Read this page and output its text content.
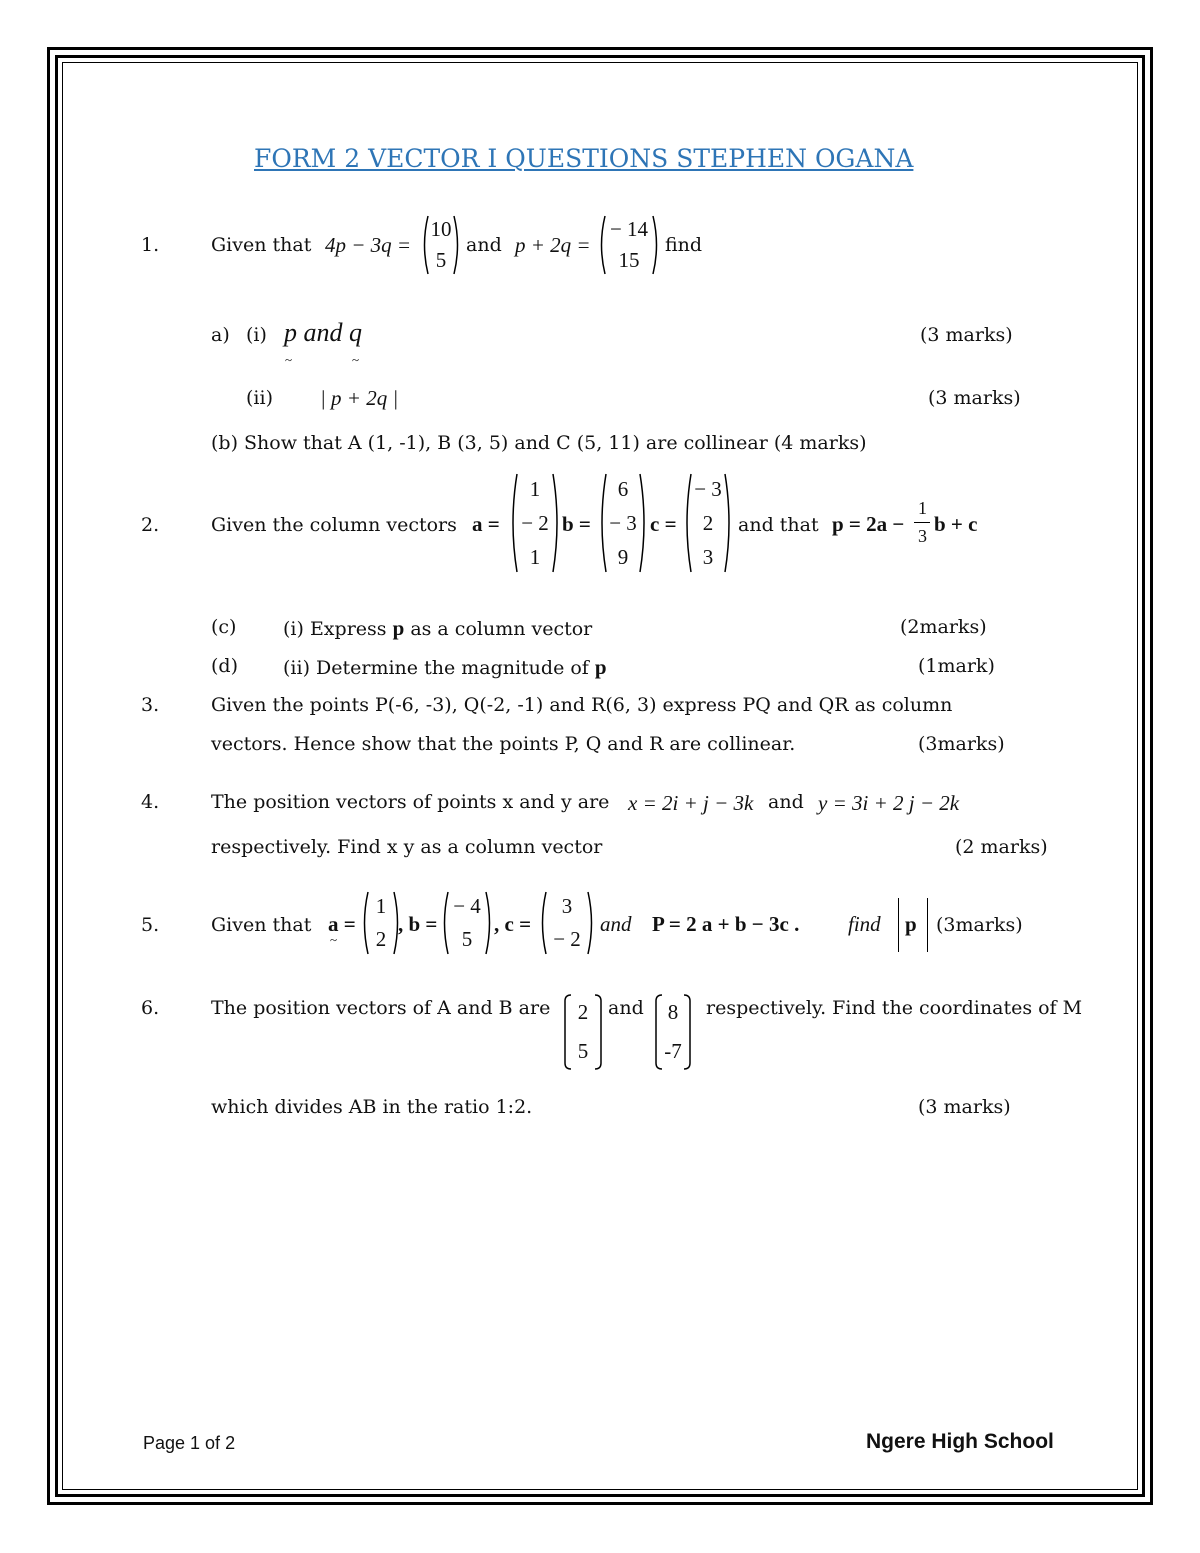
FORM 2 VECTOR I QUESTIONS STEPHEN OGANA
1.	Given that 4p − 3q =
10
5
and p + 2q =
− 14
15
find
a) (i) p and q
~	~
(3 marks)
(ii) | p + 2q |	(3 marks)
(b) Show that A (1, -1), B (3, 5) and C (5, 11) are collinear (4 marks)
2.	Given the column vectors a =
1
− 2
1
b =
6
− 3
9
c =
− 3
2
3
and that p = 2a −
1
3 b + c
(c) (i) Express p as a column vector	(2marks)
(d) (ii) Determine the magnitude of p	(1mark)
3.	Given the points P(-6, -3), Q(-2, -1) and R(6, 3) express PQ and QR as column
vectors. Hence show that the points P, Q and R are collinear.	(3marks)
4.	The position vectors of points x and y are x = 2i + j − 3k and y = 3i + 2 j − 2k
respectively. Find x y as a column vector	(2 marks)
5.	Given that a =
~
1
2
, b =
− 4
5
, c =
3
− 2
and P = 2 a + b − 3c . find p (3marks)
6.	The position vectors of A and B are 2
5
and 8
-7
respectively. Find the coordinates of M
which divides AB in the ratio 1:2.	(3 marks)
Page 1 of 2	Ngere High School
